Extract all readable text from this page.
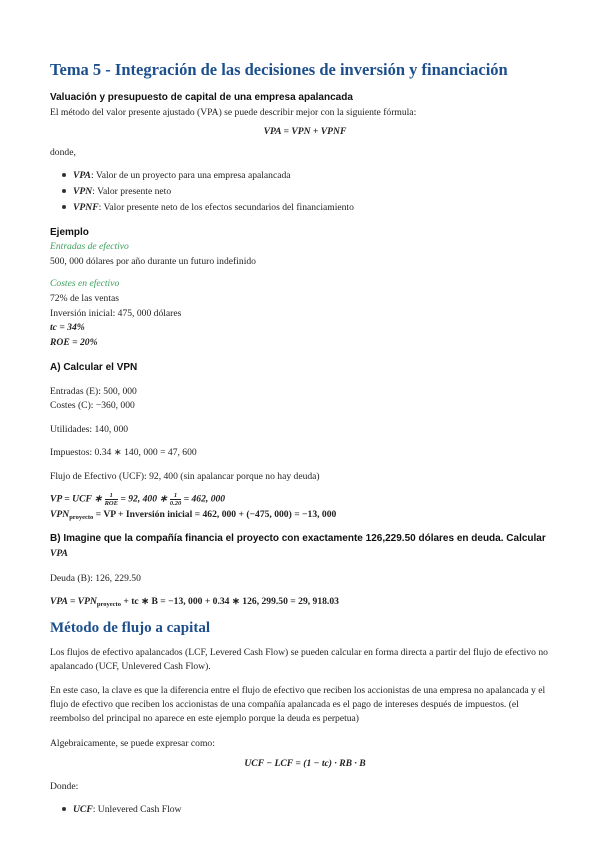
Tema 5 - Integración de las decisiones de inversión y financiación
Valuación y presupuesto de capital de una empresa apalancada
El método del valor presente ajustado (VPA) se puede describir mejor con la siguiente fórmula:
VPA = VPN + VPNF
donde,
VPA: Valor de un proyecto para una empresa apalancada
VPN: Valor presente neto
VPNF: Valor presente neto de los efectos secundarios del financiamiento
Ejemplo
Entradas de efectivo
500, 000 dólares por año durante un futuro indefinido
Costes en efectivo
72% de las ventas
Inversión inicial: 475, 000 dólares
tc = 34%
ROE = 20%
A) Calcular el VPN
Entradas (E): 500, 000
Costes (C): −360, 000
Utilidades: 140, 000
Impuestos: 0.34 ∗ 140, 000 = 47, 600
Flujo de Efectivo (UCF): 92, 400 (sin apalancar porque no hay deuda)
VP = UCF ∗ $\frac{1}{\text{ROE}} = 92$, 400 ∗ $\frac{1}{0.20} = 462$, 000
$VPN_{proyecto}$ = VP + Inversión inicial = 462, 000 + (−475, 000) = −13, 000
B) Imagine que la compañía financia el proyecto con exactamente 126,229.50 dólares en deuda. Calcular
VPA
Deuda (B): 126, 229.50
VPA = $VPN_{proyecto}$ + tc ∗ B = −13, 000 + 0.34 ∗ 126, 299.50 = 29, 918.03
Método de flujo a capital
Los flujos de efectivo apalancados (LCF, Levered Cash Flow) se pueden calcular en forma directa a partir del flujo de efectivo no apalancado (UCF, Unlevered Cash Flow).
En este caso, la clave es que la diferencia entre el flujo de efectivo que reciben los accionistas de una empresa no apalancada y el flujo de efectivo que reciben los accionistas de una compañía apalancada es el pago de intereses después de impuestos. (el reembolso del principal no aparece en este ejemplo porque la deuda es perpetua)
Algebraicamente, se puede expresar como:
UCF − LCF = (1 − tc) · RB · B
Donde:
UCF: Unlevered Cash Flow
